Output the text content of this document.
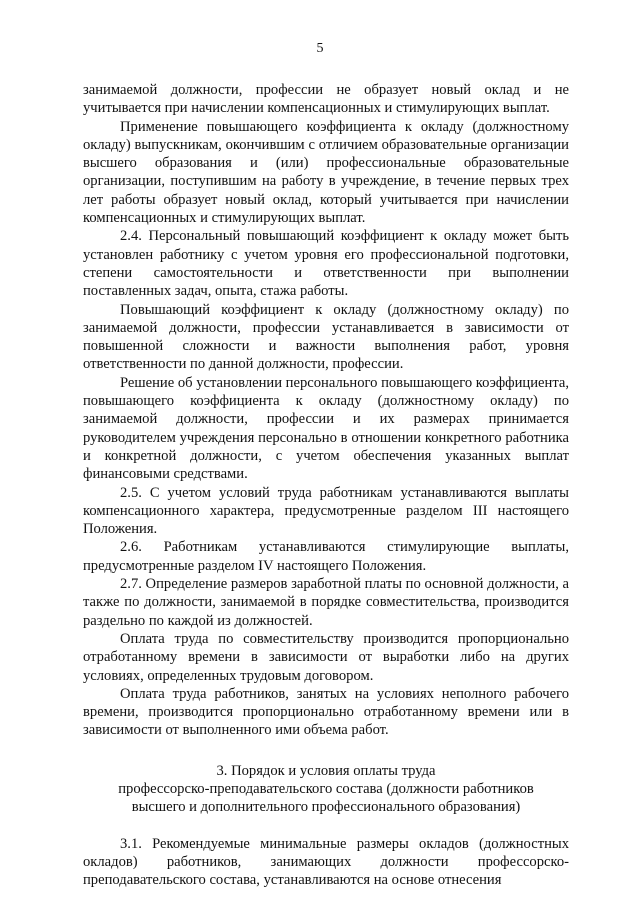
5

занимаемой должности, профессии не образует новый оклад и не учитывается при начислении компенсационных и стимулирующих выплат.

Применение повышающего коэффициента к окладу (должностному окладу) выпускникам, окончившим с отличием образовательные организации высшего образования и (или) профессиональные образовательные организации, поступившим на работу в учреждение, в течение первых трех лет работы образует новый оклад, который учитывается при начислении компенсационных и стимулирующих выплат.

2.4. Персональный повышающий коэффициент к окладу может быть установлен работнику с учетом уровня его профессиональной подготовки, степени самостоятельности и ответственности при выполнении поставленных задач, опыта, стажа работы.

Повышающий коэффициент к окладу (должностному окладу) по занимаемой должности, профессии устанавливается в зависимости от повышенной сложности и важности выполнения работ, уровня ответственности по данной должности, профессии.

Решение об установлении персонального повышающего коэффициента, повышающего коэффициента к окладу (должностному окладу) по занимаемой должности, профессии и их размерах принимается руководителем учреждения персонально в отношении конкретного работника и конкретной должности, с учетом обеспечения указанных выплат финансовыми средствами.

2.5. С учетом условий труда работникам устанавливаются выплаты компенсационного характера, предусмотренные разделом III настоящего Положения.

2.6. Работникам устанавливаются стимулирующие выплаты, предусмотренные разделом IV настоящего Положения.

2.7. Определение размеров заработной платы по основной должности, а также по должности, занимаемой в порядке совместительства, производится раздельно по каждой из должностей.

Оплата труда по совместительству производится пропорционально отработанному времени в зависимости от выработки либо на других условиях, определенных трудовым договором.

Оплата труда работников, занятых на условиях неполного рабочего времени, производится пропорционально отработанному времени или в зависимости от выполненного ими объема работ.

3. Порядок и условия оплаты труда
профессорско-преподавательского состава (должности работников
высшего и дополнительного профессионального образования)

3.1. Рекомендуемые минимальные размеры окладов (должностных окладов) работников, занимающих должности профессорско-преподавательского состава, устанавливаются на основе отнесения
